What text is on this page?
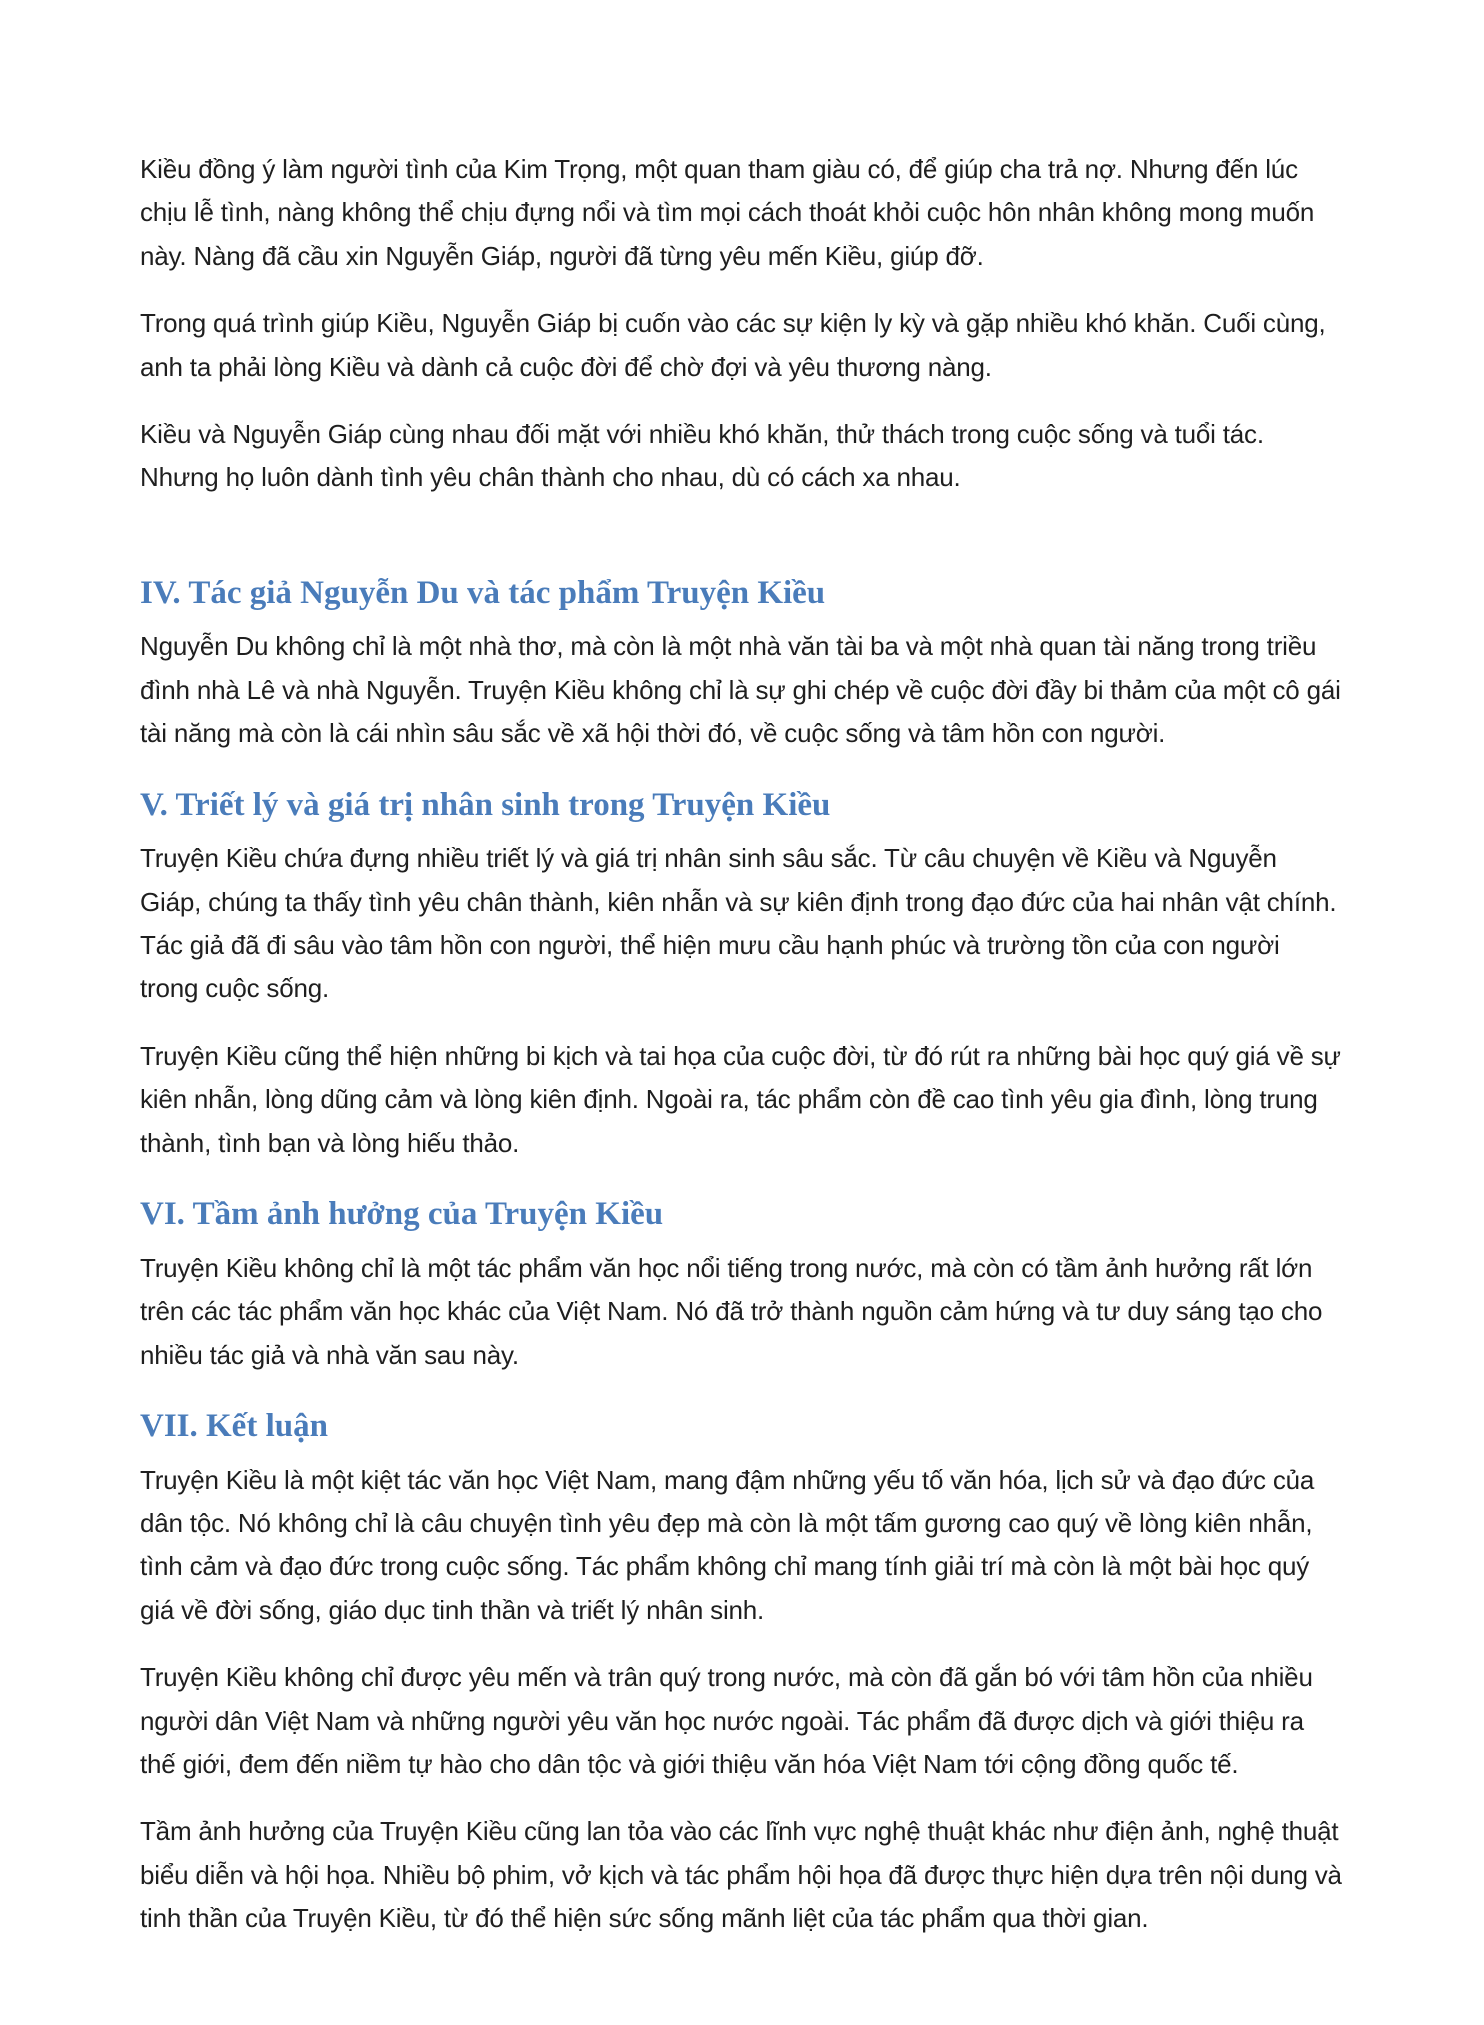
Kiều đồng ý làm người tình của Kim Trọng, một quan tham giàu có, để giúp cha trả nợ. Nhưng đến lúc chịu lễ tình, nàng không thể chịu đựng nổi và tìm mọi cách thoát khỏi cuộc hôn nhân không mong muốn này. Nàng đã cầu xin Nguyễn Giáp, người đã từng yêu mến Kiều, giúp đỡ.

Trong quá trình giúp Kiều, Nguyễn Giáp bị cuốn vào các sự kiện ly kỳ và gặp nhiều khó khăn. Cuối cùng, anh ta phải lòng Kiều và dành cả cuộc đời để chờ đợi và yêu thương nàng.

Kiều và Nguyễn Giáp cùng nhau đối mặt với nhiều khó khăn, thử thách trong cuộc sống và tuổi tác. Nhưng họ luôn dành tình yêu chân thành cho nhau, dù có cách xa nhau.

IV. Tác giả Nguyễn Du và tác phẩm Truyện Kiều

Nguyễn Du không chỉ là một nhà thơ, mà còn là một nhà văn tài ba và một nhà quan tài năng trong triều đình nhà Lê và nhà Nguyễn. Truyện Kiều không chỉ là sự ghi chép về cuộc đời đầy bi thảm của một cô gái tài năng mà còn là cái nhìn sâu sắc về xã hội thời đó, về cuộc sống và tâm hồn con người.

V. Triết lý và giá trị nhân sinh trong Truyện Kiều

Truyện Kiều chứa đựng nhiều triết lý và giá trị nhân sinh sâu sắc. Từ câu chuyện về Kiều và Nguyễn Giáp, chúng ta thấy tình yêu chân thành, kiên nhẫn và sự kiên định trong đạo đức của hai nhân vật chính. Tác giả đã đi sâu vào tâm hồn con người, thể hiện mưu cầu hạnh phúc và trường tồn của con người trong cuộc sống.

Truyện Kiều cũng thể hiện những bi kịch và tai họa của cuộc đời, từ đó rút ra những bài học quý giá về sự kiên nhẫn, lòng dũng cảm và lòng kiên định. Ngoài ra, tác phẩm còn đề cao tình yêu gia đình, lòng trung thành, tình bạn và lòng hiếu thảo.

VI. Tầm ảnh hưởng của Truyện Kiều

Truyện Kiều không chỉ là một tác phẩm văn học nổi tiếng trong nước, mà còn có tầm ảnh hưởng rất lớn trên các tác phẩm văn học khác của Việt Nam. Nó đã trở thành nguồn cảm hứng và tư duy sáng tạo cho nhiều tác giả và nhà văn sau này.

VII. Kết luận

Truyện Kiều là một kiệt tác văn học Việt Nam, mang đậm những yếu tố văn hóa, lịch sử và đạo đức của dân tộc. Nó không chỉ là câu chuyện tình yêu đẹp mà còn là một tấm gương cao quý về lòng kiên nhẫn, tình cảm và đạo đức trong cuộc sống. Tác phẩm không chỉ mang tính giải trí mà còn là một bài học quý giá về đời sống, giáo dục tinh thần và triết lý nhân sinh.

Truyện Kiều không chỉ được yêu mến và trân quý trong nước, mà còn đã gắn bó với tâm hồn của nhiều người dân Việt Nam và những người yêu văn học nước ngoài. Tác phẩm đã được dịch và giới thiệu ra thế giới, đem đến niềm tự hào cho dân tộc và giới thiệu văn hóa Việt Nam tới cộng đồng quốc tế.

Tầm ảnh hưởng của Truyện Kiều cũng lan tỏa vào các lĩnh vực nghệ thuật khác như điện ảnh, nghệ thuật biểu diễn và hội họa. Nhiều bộ phim, vở kịch và tác phẩm hội họa đã được thực hiện dựa trên nội dung và tinh thần của Truyện Kiều, từ đó thể hiện sức sống mãnh liệt của tác phẩm qua thời gian.
